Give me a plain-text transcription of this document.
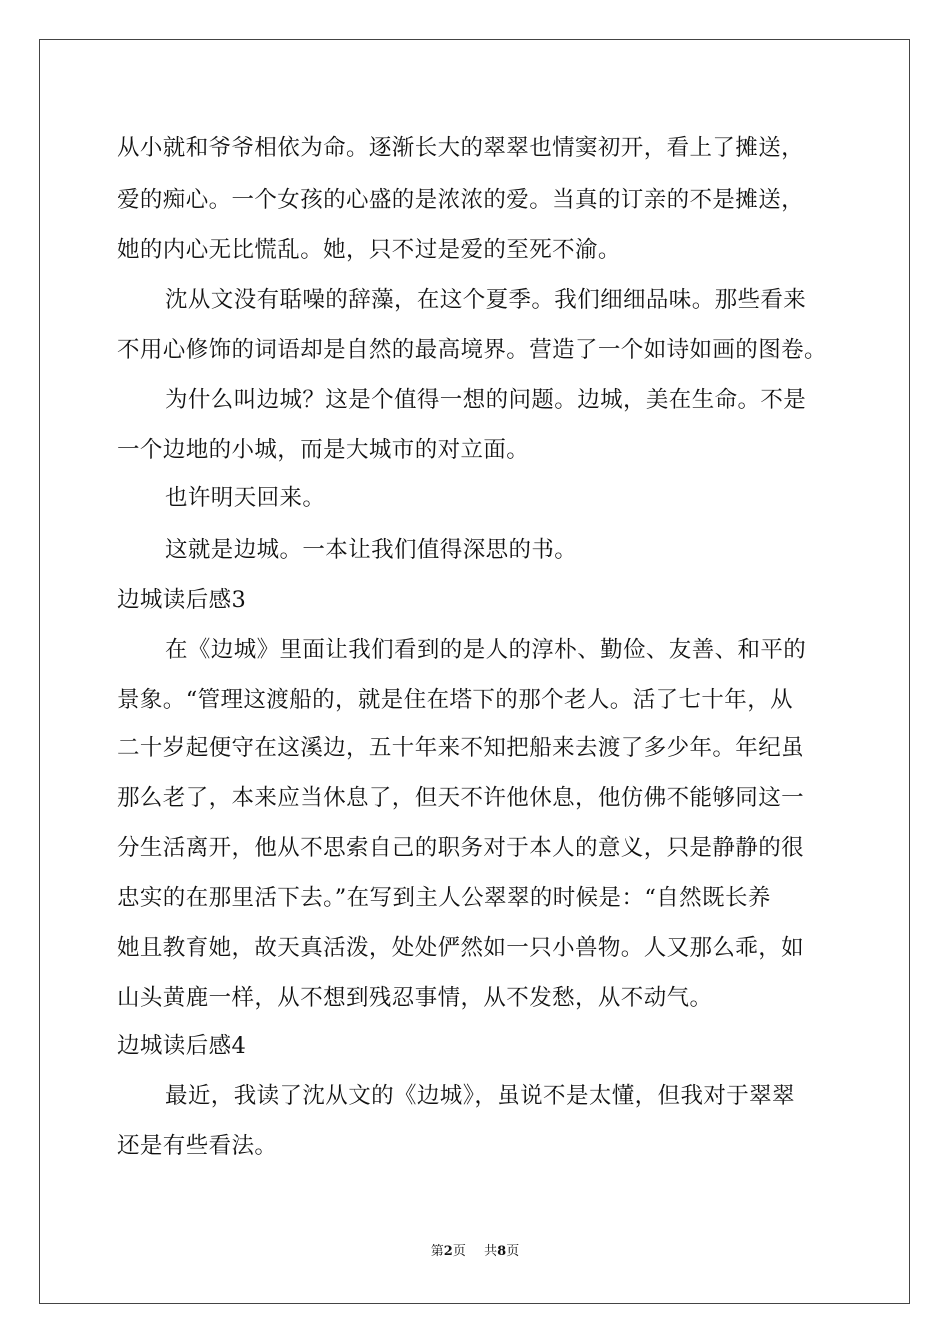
从小就和爷爷相依为命。逐渐长大的翠翠也情窦初开，看上了摊送，
爱的痴心。一个女孩的心盛的是浓浓的爱。当真的订亲的不是摊送，
她的内心无比慌乱。她，只不过是爱的至死不渝。
沈从文没有聒噪的辞藻，在这个夏季。我们细细品味。那些看来
不用心修饰的词语却是自然的最高境界。营造了一个如诗如画的图卷。
为什么叫边城？这是个值得一想的问题。边城，美在生命。不是
一个边地的小城，而是大城市的对立面。
也许明天回来。
这就是边城。一本让我们值得深思的书。
边城读后感3
在《边城》里面让我们看到的是人的淳朴、勤俭、友善、和平的
景象。“管理这渡船的，就是住在塔下的那个老人。活了七十年，从
二十岁起便守在这溪边，五十年来不知把船来去渡了多少年。年纪虽
那么老了，本来应当休息了，但天不许他休息，他仿佛不能够同这一
分生活离开，他从不思索自己的职务对于本人的意义，只是静静的很
忠实的在那里活下去。”在写到主人公翠翠的时候是：“自然既长养
她且教育她，故天真活泼，处处俨然如一只小兽物。人又那么乖，如
山头黄鹿一样，从不想到残忍事情，从不发愁，从不动气。
边城读后感4
最近，我读了沈从文的《边城》，虽说不是太懂，但我对于翠翠
还是有些看法。
第2页 共8页
